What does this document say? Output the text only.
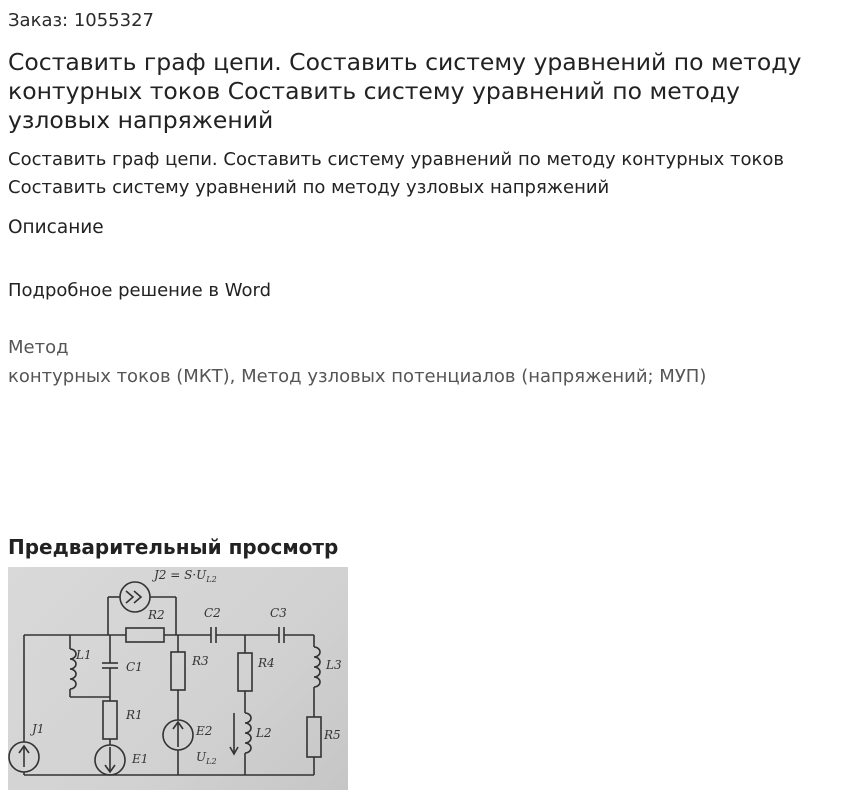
Заказ: 1055327
Составить граф цепи. Составить систему уравнений по методу контурных токов Составить систему уравнений по методу узловых напряжений
Составить граф цепи. Составить систему уравнений по методу контурных токов
Составить систему уравнений по методу узловых напряжений
Описание
Подробное решение в Word
Метод
контурных токов (МКТ), Метод узловых потенциалов (напряжений; МУП)
Предварительный просмотр
$J2 = S\cdot U_{L2}$
R2	C2	C3
L1
C1	R3	R4	L3
R1
E2	L2	R5
J1
E1	$U_{L2}$
